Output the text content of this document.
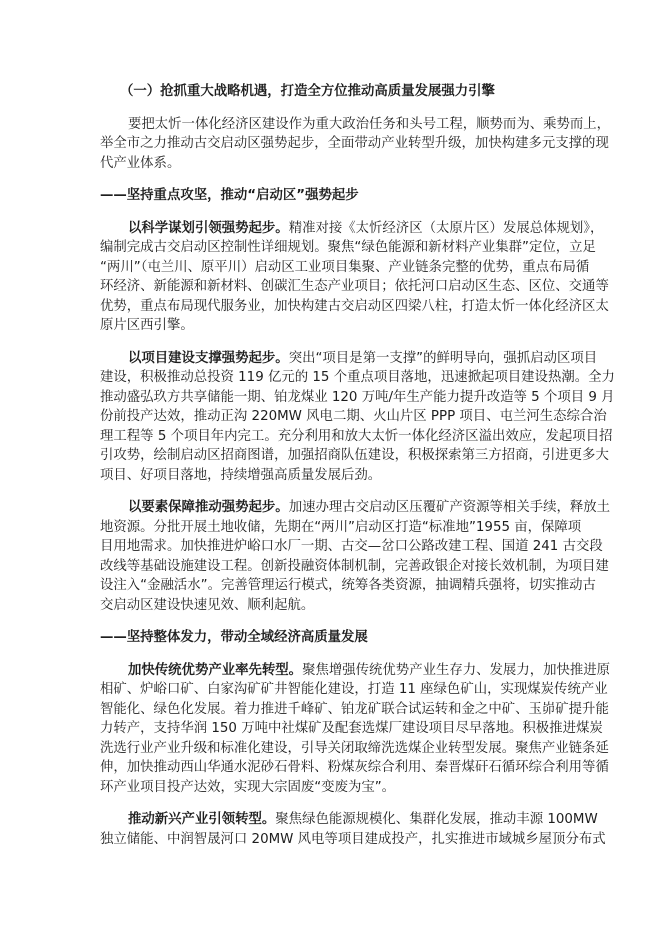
（一）抢抓重大战略机遇，打造全方位推动高质量发展强力引擎
要把太忻一体化经济区建设作为重大政治任务和头号工程，顺势而为、乘势而上，
举全市之力推动古交启动区强势起步，全面带动产业转型升级，加快构建多元支撑的现
代产业体系。
——坚持重点攻坚，推动“启动区”强势起步
以科学谋划引领强势起步。精准对接《太忻经济区（太原片区）发展总体规划》，
编制完成古交启动区控制性详细规划。聚焦“绿色能源和新材料产业集群”定位，立足
“两川”（屯兰川、原平川）启动区工业项目集聚、产业链条完整的优势，重点布局循
环经济、新能源和新材料、创碳汇生态产业项目；依托河口启动区生态、区位、交通等
优势，重点布局现代服务业，加快构建古交启动区四梁八柱，打造太忻一体化经济区太
原片区西引擎。
以项目建设支撑强势起步。突出“项目是第一支撑”的鲜明导向，强抓启动区项目
建设，积极推动总投资 119 亿元的 15 个重点项目落地，迅速掀起项目建设热潮。全力
推动盛弘玖方共享储能一期、铂龙煤业 120 万吨/年生产能力提升改造等 5 个项目 9 月
份前投产达效，推动正沟 220MW 风电二期、火山片区 PPP 项目、屯兰河生态综合治
理工程等 5 个项目年内完工。充分利用和放大太忻一体化经济区溢出效应，发起项目招
引攻势，绘制启动区招商图谱，加强招商队伍建设，积极探索第三方招商，引进更多大
项目、好项目落地，持续增强高质量发展后劲。
以要素保障推动强势起步。加速办理古交启动区压覆矿产资源等相关手续，释放土
地资源。分批开展土地收储，先期在“两川”启动区打造“标准地”1955 亩，保障项
目用地需求。加快推进炉峪口水厂一期、古交—岔口公路改建工程、国道 241 古交段
改线等基础设施建设工程。创新投融资体制机制，完善政银企对接长效机制，为项目建
设注入“金融活水”。完善管理运行模式，统筹各类资源，抽调精兵强将，切实推动古
交启动区建设快速见效、顺利起航。
——坚持整体发力，带动全域经济高质量发展
加快传统优势产业率先转型。聚焦增强传统优势产业生存力、发展力，加快推进原
相矿、炉峪口矿、白家沟矿矿井智能化建设，打造 11 座绿色矿山，实现煤炭传统产业
智能化、绿色化发展。着力推进千峰矿、铂龙矿联合试运转和金之中矿、玉峁矿提升能
力转产，支持华润 150 万吨中社煤矿及配套选煤厂建设项目尽早落地。积极推进煤炭
洗选行业产业升级和标准化建设，引导关闭取缔洗选煤企业转型发展。聚焦产业链条延
伸，加快推动西山华通水泥砂石骨料、粉煤灰综合利用、秦晋煤矸石循环综合利用等循
环产业项目投产达效，实现大宗固废“变废为宝”。
推动新兴产业引领转型。聚焦绿色能源规模化、集群化发展，推动丰源 100MW
独立储能、中润智晟河口 20MW 风电等项目建成投产，扎实推进市域城乡屋顶分布式
